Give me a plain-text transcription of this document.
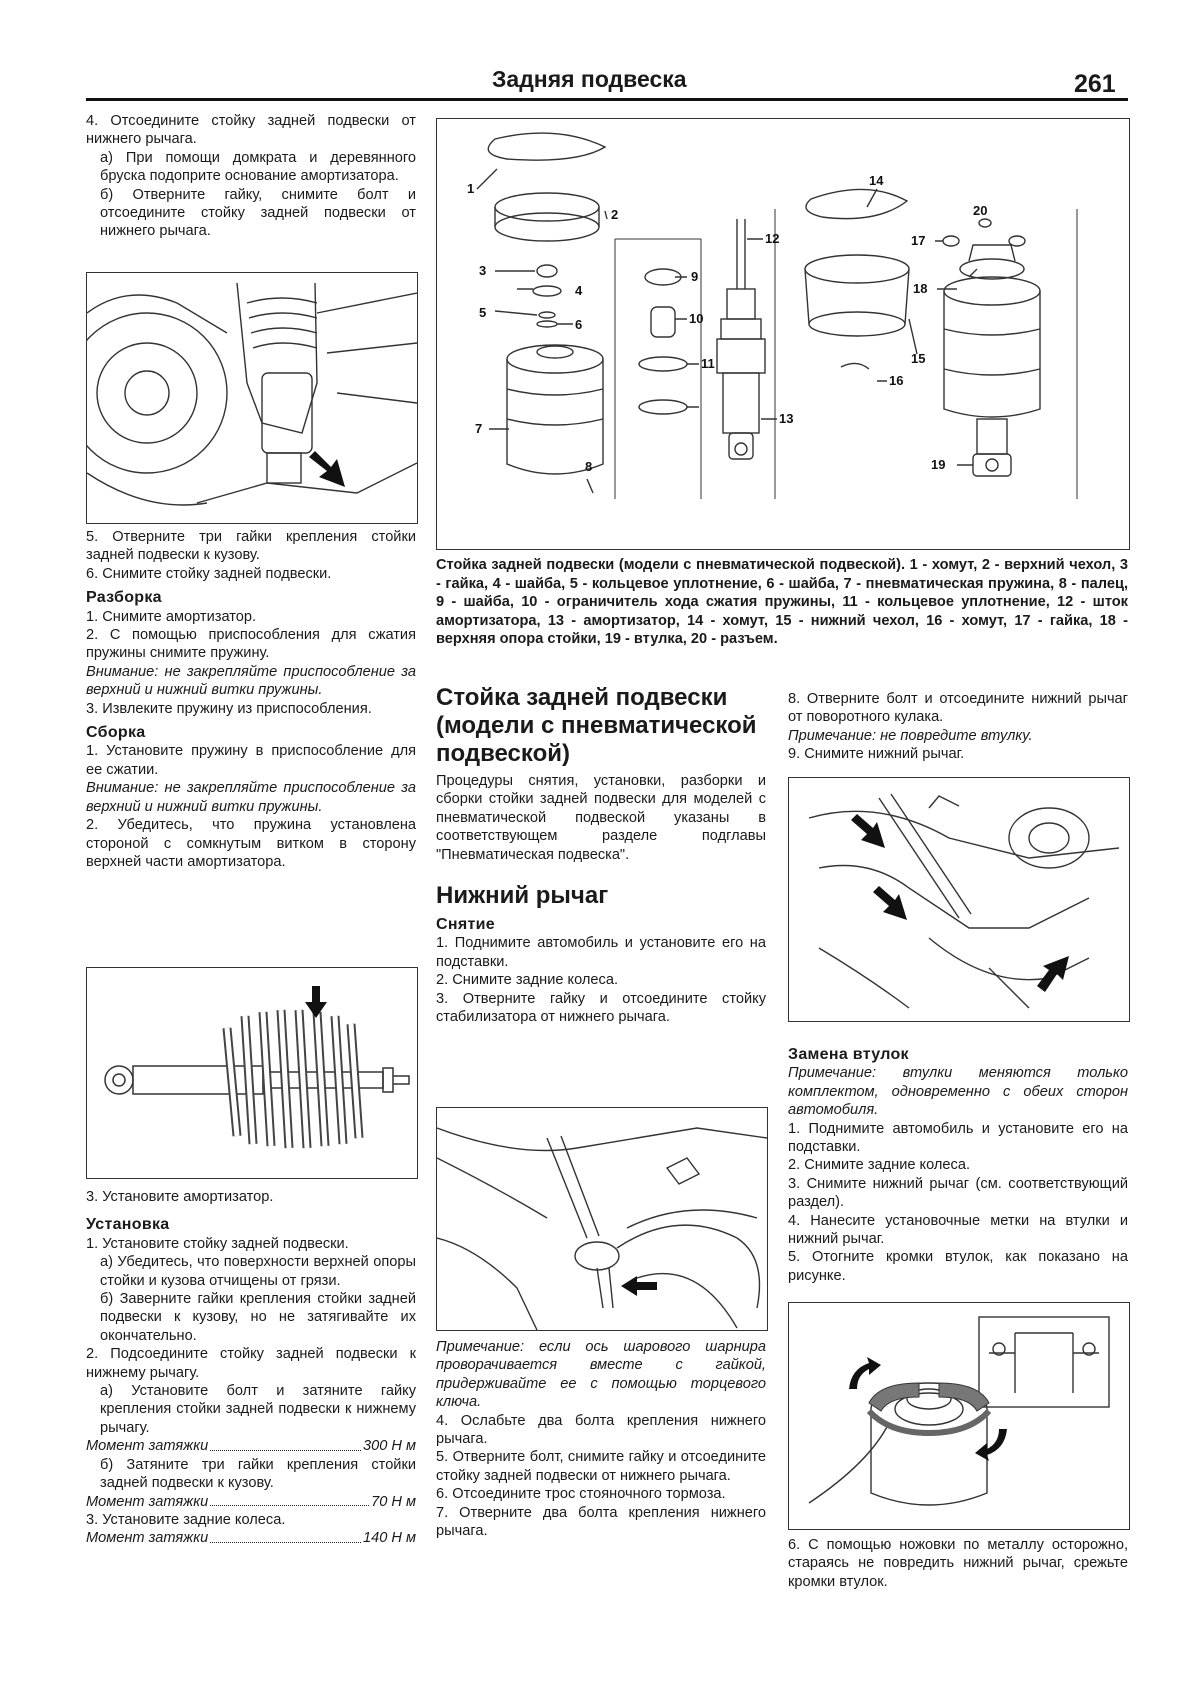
Задняя подвеска	261

4. Отсоедините стойку задней подвески от нижнего рычага.

а) При помощи домкрата и деревянного бруска подоприте основание амортизатора.

б) Отверните гайку, снимите болт и отсоедините стойку задней подвески от нижнего рычага.

5. Отверните три гайки крепления стойки задней подвески к кузову.

6. Снимите стойку задней подвески.

Разборка

1. Снимите амортизатор.

2. С помощью приспособления для сжатия пружины снимите пружину.

Внимание: не закрепляйте приспособление за верхний и нижний витки пружины.

3. Извлеките пружину из приспособления.

Сборка

1. Установите пружину в приспособление для ее сжатии.

Внимание: не закрепляйте приспособление за верхний и нижний витки пружины.

2. Убедитесь, что пружина установлена стороной с сомкнутым витком в сторону верхней части амортизатора.

3. Установите амортизатор.

Установка

1. Установите стойку задней подвески.

а) Убедитесь, что поверхности верхней опоры стойки и кузова отчищены от грязи.

б) Заверните гайки крепления стойки задней подвески к кузову, но не затягивайте их окончательно.

2. Подсоедините стойку задней подвески к нижнему рычагу.

а) Установите болт и затяните гайку крепления стойки задней подвески к нижнему рычагу.

Момент затяжки	300 Н м

б) Затяните три гайки крепления стойки задней подвески к кузову.

Момент затяжки	70 Н м

3. Установите задние колеса.

Момент затяжки	140 Н м
1
2
3
4
5
6
7
8
9
10
11
12
13
14
15
16
17
18
19
20
Стойка задней подвески (модели с пневматической подвеской). 1 - хомут, 2 - верхний чехол, 3 - гайка, 4 - шайба, 5 - кольцевое уплотнение, 6 - шайба, 7 - пневматическая пружина, 8 - палец, 9 - шайба, 10 - ограничитель хода сжатия пружины, 11 - кольцевое уплотнение, 12 - шток амортизатора, 13 - амортизатор, 14 - хомут, 15 - нижний чехол, 16 - хомут, 17 - гайка, 18 - верхняя опора стойки, 19 - втулка, 20 - разъем.

Стойка задней подвески (модели с пневматической подвеской)

Процедуры снятия, установки, разборки и сборки стойки задней подвески для моделей с пневматической подвеской указаны в соответствующем разделе подглавы "Пневматическая подвеска".

Нижний рычаг

Снятие

1. Поднимите автомобиль и установите его на подставки.

2. Снимите задние колеса.

3. Отверните гайку и отсоедините стойку стабилизатора от нижнего рычага.

Примечание: если ось шарового шарнира проворачивается вместе с гайкой, придерживайте ее с помощью торцевого ключа.

4. Ослабьте два болта крепления нижнего рычага.

5. Отверните болт, снимите гайку и отсоедините стойку задней подвески от нижнего рычага.

6. Отсоедините трос стояночного тормоза.

7. Отверните два болта крепления нижнего рычага.

8. Отверните болт и отсоедините нижний рычаг от поворотного кулака.

Примечание: не повредите втулку.

9. Снимите нижний рычаг.

Замена втулок

Примечание: втулки меняются только комплектом, одновременно с обеих сторон автомобиля.

1. Поднимите автомобиль и установите его на подставки.

2. Снимите задние колеса.

3. Снимите нижний рычаг (см. соответствующий раздел).

4. Нанесите установочные метки на втулки и нижний рычаг.

5. Отогните кромки втулок, как показано на рисунке.

6. С помощью ножовки по металлу осторожно, стараясь не повредить нижний рычаг, срежьте кромки втулок.
